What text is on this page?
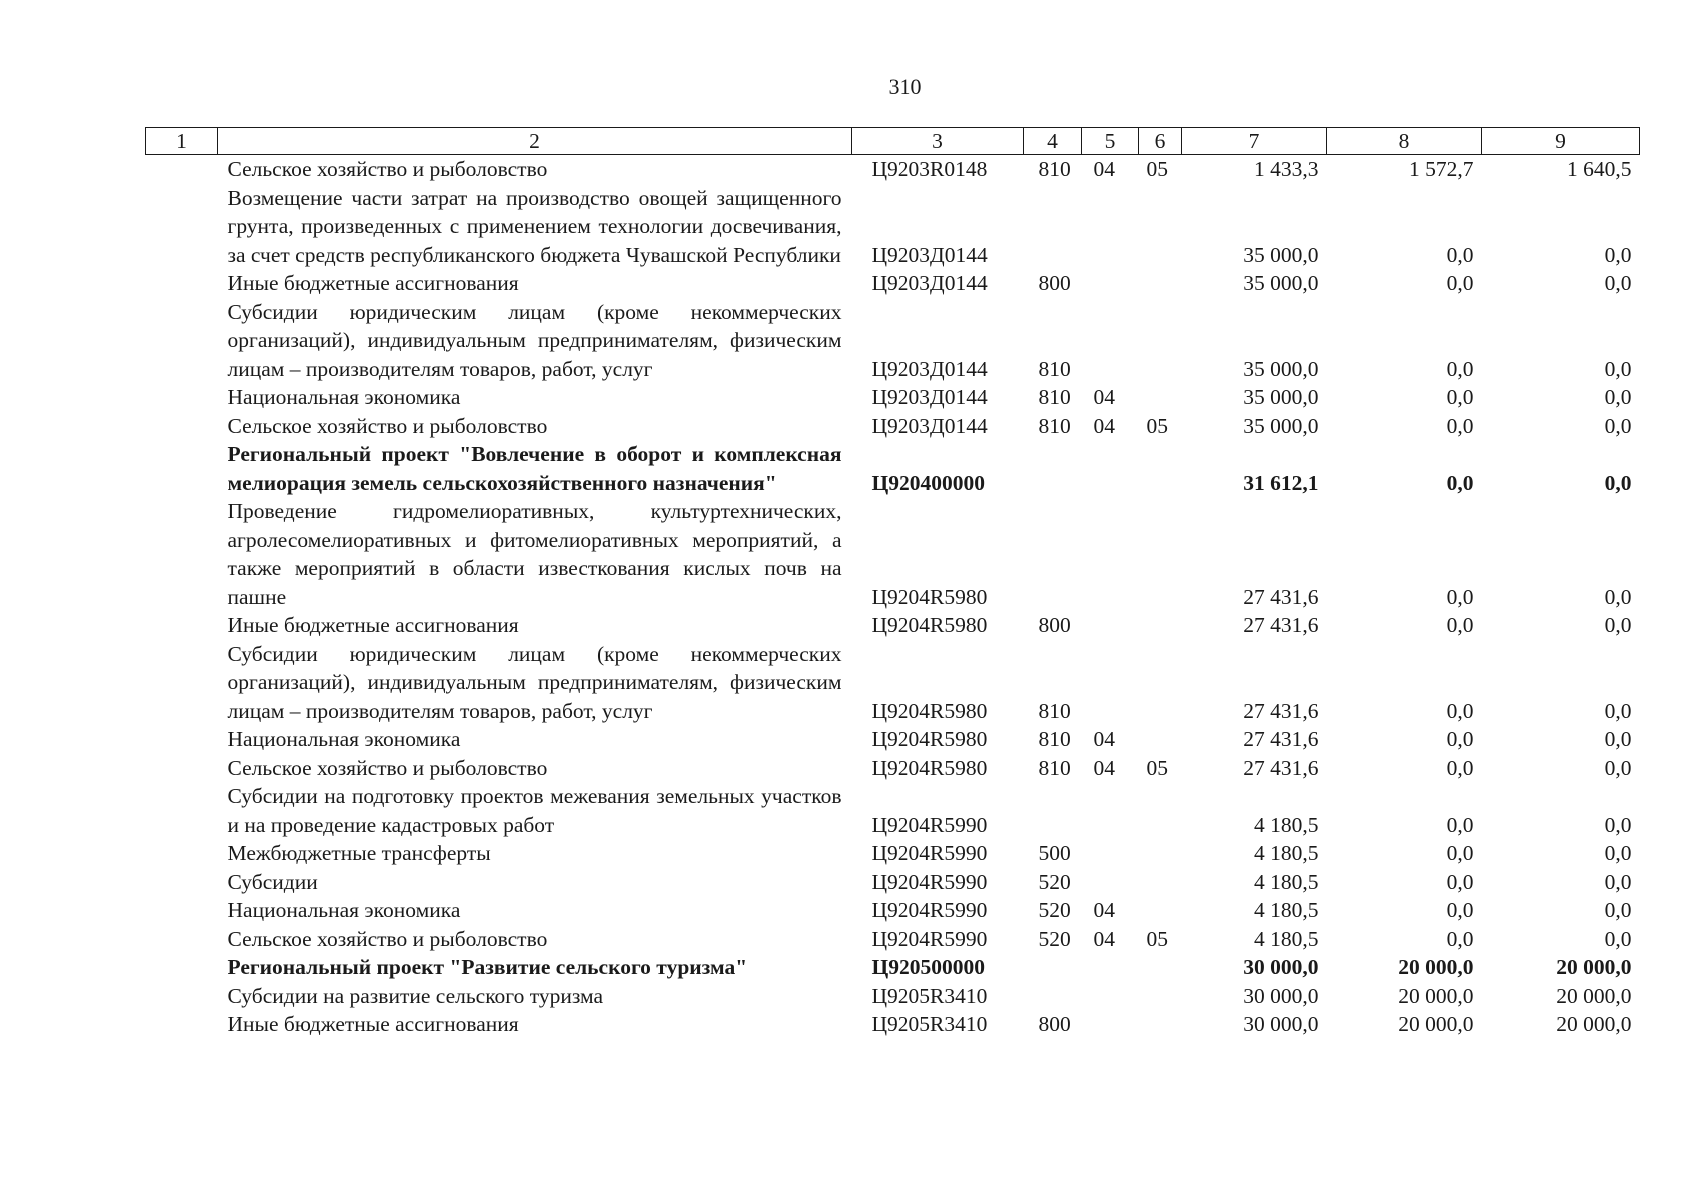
310
1	2	3	4	5	6	7	8	9
	Сельское хозяйство и рыболовство	Ц9203R0148	810	04	05	1 433,3	1 572,7	1 640,5
	Возмещение части затрат на производство овощей защищенного грунта, произведенных с применением технологии досвечивания, за счет средств республиканского бюджета Чувашской Республики	Ц9203Д0144				35 000,0	0,0	0,0
	Иные бюджетные ассигнования	Ц9203Д0144	800			35 000,0	0,0	0,0
	Субсидии юридическим лицам (кроме некоммерческих организаций), индивидуальным предпринимателям, физическим лицам – производителям товаров, работ, услуг	Ц9203Д0144	810			35 000,0	0,0	0,0
	Национальная экономика	Ц9203Д0144	810	04		35 000,0	0,0	0,0
	Сельское хозяйство и рыболовство	Ц9203Д0144	810	04	05	35 000,0	0,0	0,0
	Региональный проект "Вовлечение в оборот и комплексная мелиорация земель сельскохозяйственного назначения"	Ц920400000				31 612,1	0,0	0,0
	Проведение гидромелиоративных, культуртехнических, агролесомелиоративных и фитомелиоративных мероприятий, а также мероприятий в области известкования кислых почв на пашне	Ц9204R5980				27 431,6	0,0	0,0
	Иные бюджетные ассигнования	Ц9204R5980	800			27 431,6	0,0	0,0
	Субсидии юридическим лицам (кроме некоммерческих организаций), индивидуальным предпринимателям, физическим лицам – производителям товаров, работ, услуг	Ц9204R5980	810			27 431,6	0,0	0,0
	Национальная экономика	Ц9204R5980	810	04		27 431,6	0,0	0,0
	Сельское хозяйство и рыболовство	Ц9204R5980	810	04	05	27 431,6	0,0	0,0
	Субсидии на подготовку проектов межевания земельных участков и на проведение кадастровых работ	Ц9204R5990				4 180,5	0,0	0,0
	Межбюджетные трансферты	Ц9204R5990	500			4 180,5	0,0	0,0
	Субсидии	Ц9204R5990	520			4 180,5	0,0	0,0
	Национальная экономика	Ц9204R5990	520	04		4 180,5	0,0	0,0
	Сельское хозяйство и рыболовство	Ц9204R5990	520	04	05	4 180,5	0,0	0,0
	Региональный проект "Развитие сельского туризма"	Ц920500000				30 000,0	20 000,0	20 000,0
	Субсидии на развитие сельского туризма	Ц9205R3410				30 000,0	20 000,0	20 000,0
	Иные бюджетные ассигнования	Ц9205R3410	800			30 000,0	20 000,0	20 000,0
